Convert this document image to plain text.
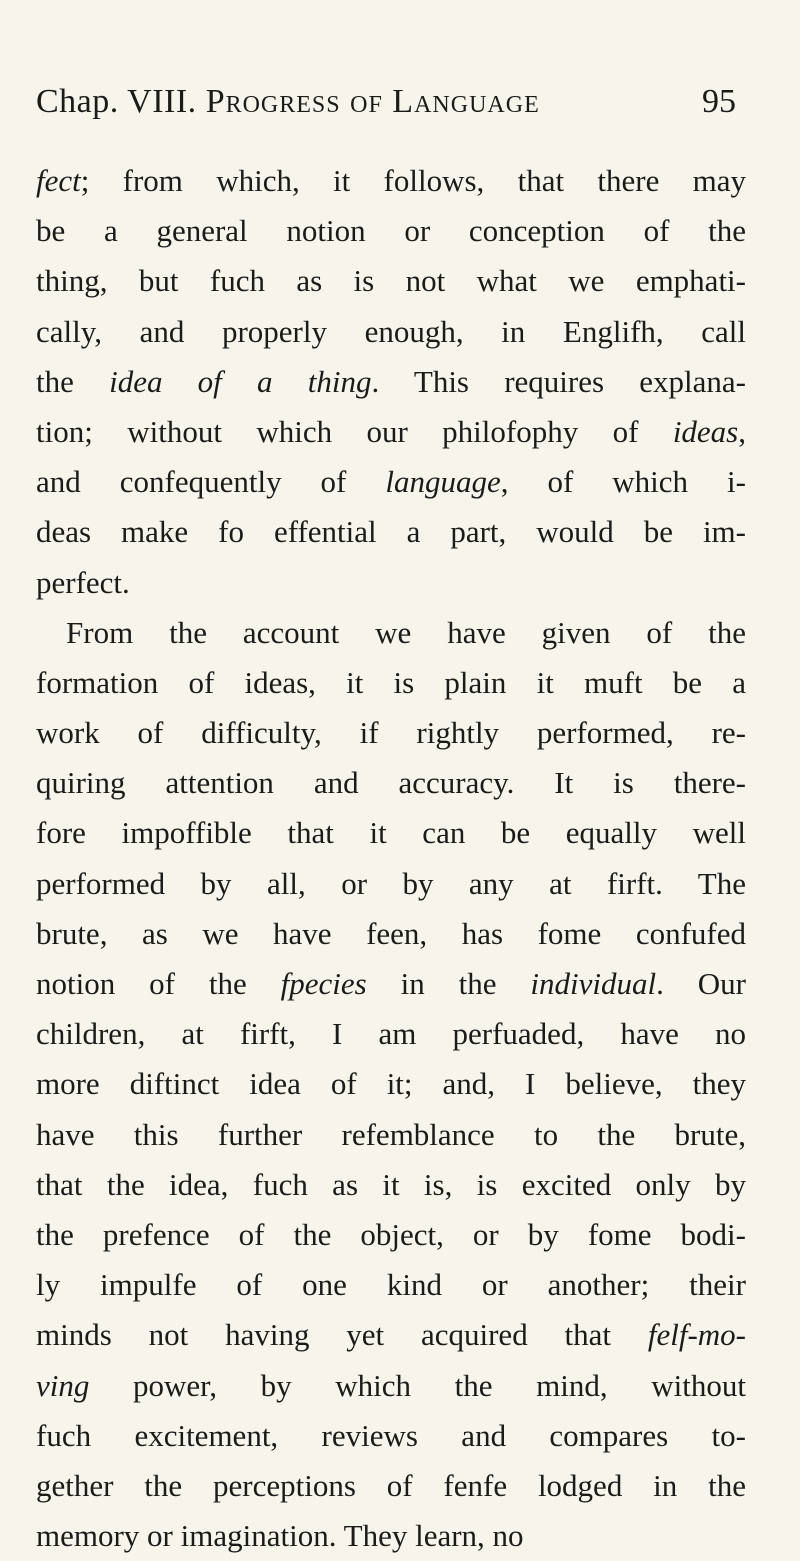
Chap. VIII. Progress of Language	95
fect; from which, it follows, that there may
be a general notion or conception of the
thing, but fuch as is not what we emphati-
cally, and properly enough, in Englifh, call
the idea of a thing. This requires explana-
tion; without which our philofophy of ideas,
and confequently of language, of which i-
deas make fo effential a part, would be im-
perfect.
From the account we have given of the
formation of ideas, it is plain it muft be a
work of difficulty, if rightly performed, re-
quiring attention and accuracy. It is there-
fore impoffible that it can be equally well
performed by all, or by any at firft. The
brute, as we have feen, has fome confufed
notion of the fpecies in the individual. Our
children, at firft, I am perfuaded, have no
more diftinct idea of it; and, I believe, they
have this further refemblance to the brute,
that the idea, fuch as it is, is excited only by
the prefence of the object, or by fome bodi-
ly impulfe of one kind or another; their
minds not having yet acquired that felf-mo-
ving power, by which the mind, without
fuch excitement, reviews and compares to-
gether the perceptions of fenfe lodged in the
memory or imagination. They learn, no
